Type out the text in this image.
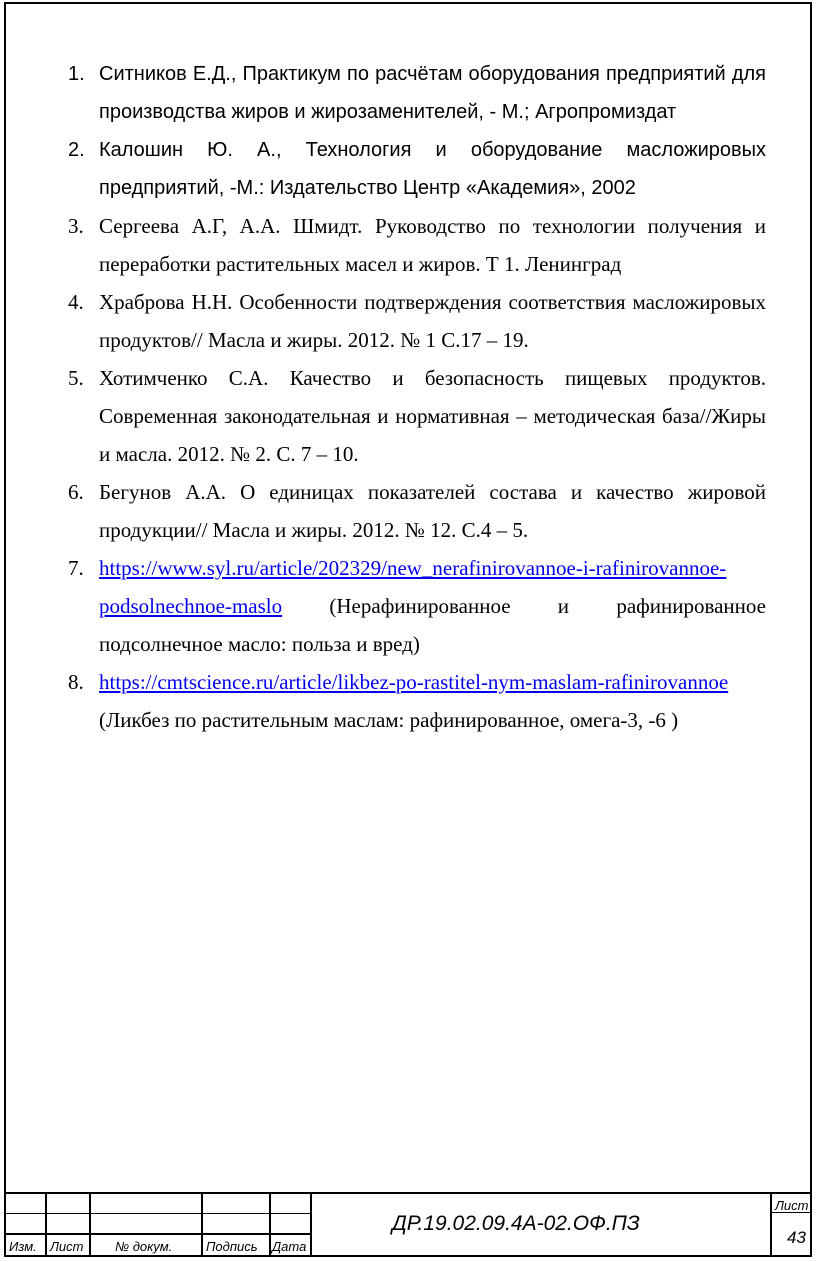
1. Ситников Е.Д., Практикум по расчётам оборудования предприятий для производства жиров и жирозаменителей, - М.; Агропромиздат
2. Калошин Ю. А., Технология и оборудование масложировых предприятий, -М.: Издательство Центр «Академия», 2002
3. Сергеева А.Г, А.А. Шмидт. Руководство по технологии получения и переработки растительных масел и жиров. Т 1. Ленинград
4. Храброва Н.Н. Особенности подтверждения соответствия масложировых продуктов// Масла и жиры. 2012. № 1 С.17 – 19.
5. Хотимченко С.А. Качество и безопасность пищевых продуктов. Современная законодательная и нормативная – методическая база//Жиры и масла. 2012. № 2. С. 7 – 10.
6. Бегунов А.А. О единицах показателей состава и качество жировой продукции// Масла и жиры. 2012. № 12. С.4 – 5.
7. https://www.syl.ru/article/202329/new_nerafinirovannoe-i-rafinirovannoe-
podsolnechnoe-maslo (Нерафинированное и рафинированное
подсолнечное масло: польза и вред)
8. https://cmtscience.ru/article/likbez-po-rastitel-nym-maslam-rafinirovannoe
(Ликбез по растительным маслам: рафинированное, омега-3, -6 )
Изм. Лист № докум.	Подпись Дата
ДР.19.02.09.4А-02.ОФ.ПЗ
Лист
43
